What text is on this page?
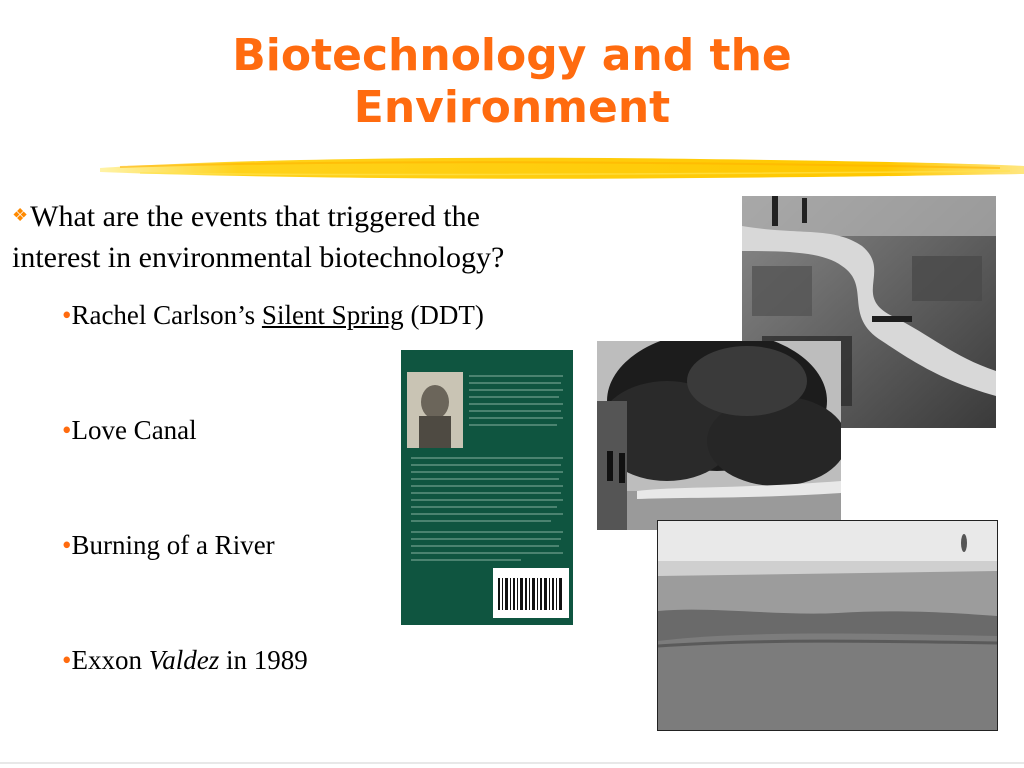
Biotechnology and the
Environment
❖What are the events that triggered the
interest in environmental biotechnology?
•Rachel Carlson’s Silent Spring (DDT)
•Love Canal
•Burning of a River
•Exxon Valdez in 1989
